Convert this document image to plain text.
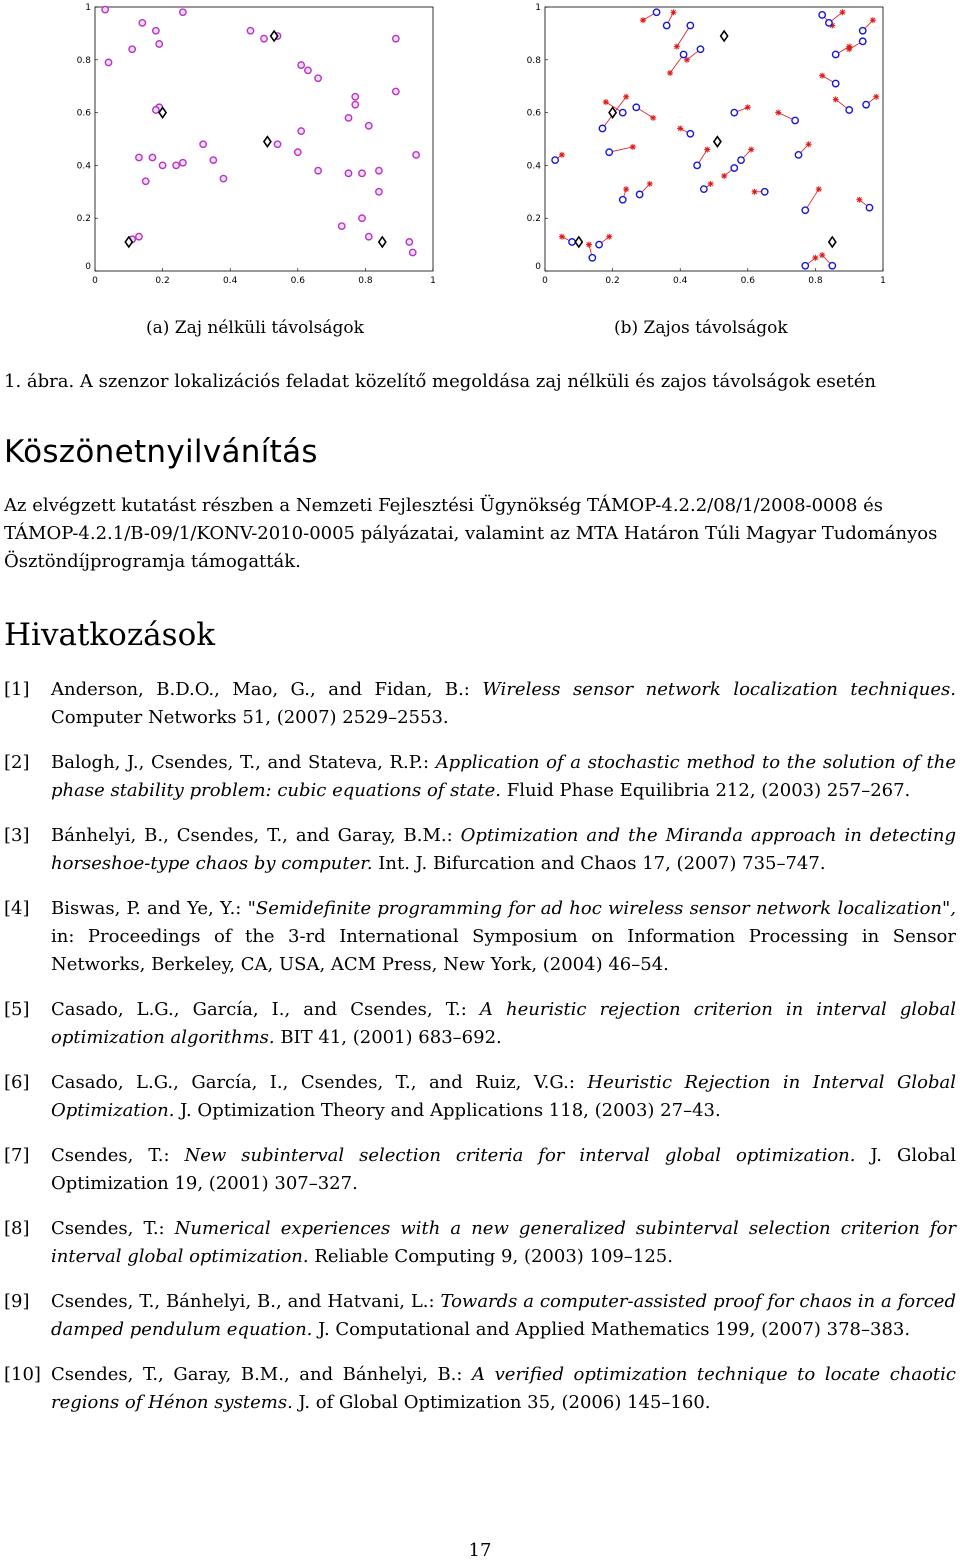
0
0
0.2
0.2
0.4
0.4
0.6
0.6
0.8
0.8
1
1
0
0
0.2
0.2
0.4
0.4
0.6
0.6
0.8
0.8
1
1
(a) Zaj nélküli távolságok	(b) Zajos távolságok
1. ábra. A szenzor lokalizációs feladat közelítő megoldása zaj nélküli és zajos távolságok esetén
Köszönetnyilvánítás
Az elvégzett kutatást részben a Nemzeti Fejlesztési Ügynökség TÁMOP-4.2.2/08/1/2008-0008 és TÁMOP-4.2.1/B-09/1/KONV-2010-0005 pályázatai, valamint az MTA Határon Túli Magyar Tudományos Ösztöndíjprogramja támogatták.
Hivatkozások
[1] Anderson, B.D.O., Mao, G., and Fidan, B.: Wireless sensor network localization techniques. Computer Networks 51, (2007) 2529–2553.
[2] Balogh, J., Csendes, T., and Stateva, R.P.: Application of a stochastic method to the solution of the phase stability problem: cubic equations of state. Fluid Phase Equilibria 212, (2003) 257–267.
[3] Bánhelyi, B., Csendes, T., and Garay, B.M.: Optimization and the Miranda approach in detecting horseshoe-type chaos by computer. Int. J. Bifurcation and Chaos 17, (2007) 735–747.
[4] Biswas, P. and Ye, Y.: "Semidefinite programming for ad hoc wireless sensor network localization", in: Proceedings of the 3-rd International Symposium on Information Processing in Sensor Networks, Berkeley, CA, USA, ACM Press, New York, (2004) 46–54.
[5] Casado, L.G., García, I., and Csendes, T.: A heuristic rejection criterion in interval global optimization algorithms. BIT 41, (2001) 683–692.
[6] Casado, L.G., García, I., Csendes, T., and Ruiz, V.G.: Heuristic Rejection in Interval Global Optimization. J. Optimization Theory and Applications 118, (2003) 27–43.
[7] Csendes, T.: New subinterval selection criteria for interval global optimization. J. Global Optimization 19, (2001) 307–327.
[8] Csendes, T.: Numerical experiences with a new generalized subinterval selection criterion for interval global optimization. Reliable Computing 9, (2003) 109–125.
[9] Csendes, T., Bánhelyi, B., and Hatvani, L.: Towards a computer-assisted proof for chaos in a forced damped pendulum equation. J. Computational and Applied Mathematics 199, (2007) 378–383.
[10] Csendes, T., Garay, B.M., and Bánhelyi, B.: A verified optimization technique to locate chaotic regions of Hénon systems. J. of Global Optimization 35, (2006) 145–160.
17
